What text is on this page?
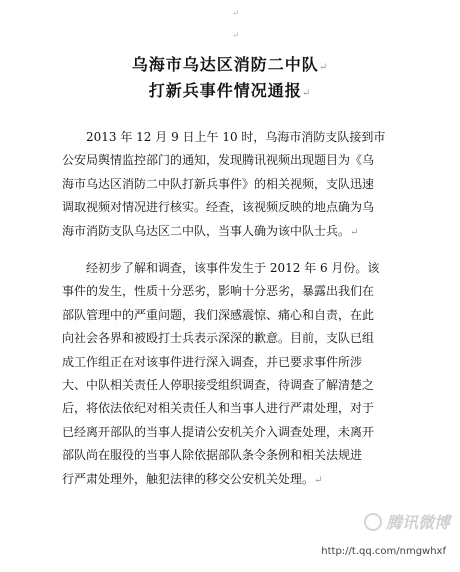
↵
↵
乌海市乌达区消防二中队↵
打新兵事件情况通报↵
2013 年 12 月 9 日上午 10 时，乌海市消防支队接到市
公安局舆情监控部门的通知，发现腾讯视频出现题目为《乌
海市乌达区消防二中队打新兵事件》的相关视频，支队迅速
调取视频对情况进行核实。经查，该视频反映的地点确为乌
海市消防支队乌达区二中队，当事人确为该中队士兵。↵
经初步了解和调查，该事件发生于 2012 年 6 月份。该
事件的发生，性质十分恶劣，影响十分恶劣，暴露出我们在
部队管理中的严重问题，我们深感震惊、痛心和自责，在此
向社会各界和被殴打士兵表示深深的歉意。目前，支队已组
成工作组正在对该事件进行深入调查，并已要求事件所涉
大、中队相关责任人停职接受组织调查，待调查了解清楚之
后，将依法依纪对相关责任人和当事人进行严肃处理，对于
已经离开部队的当事人提请公安机关介入调查处理，未离开
部队尚在服役的当事人除依据部队条令条例和相关法规进
行严肃处理外，触犯法律的移交公安机关处理。↵
腾讯微博
http://t.qq.com/nmgwhxf
